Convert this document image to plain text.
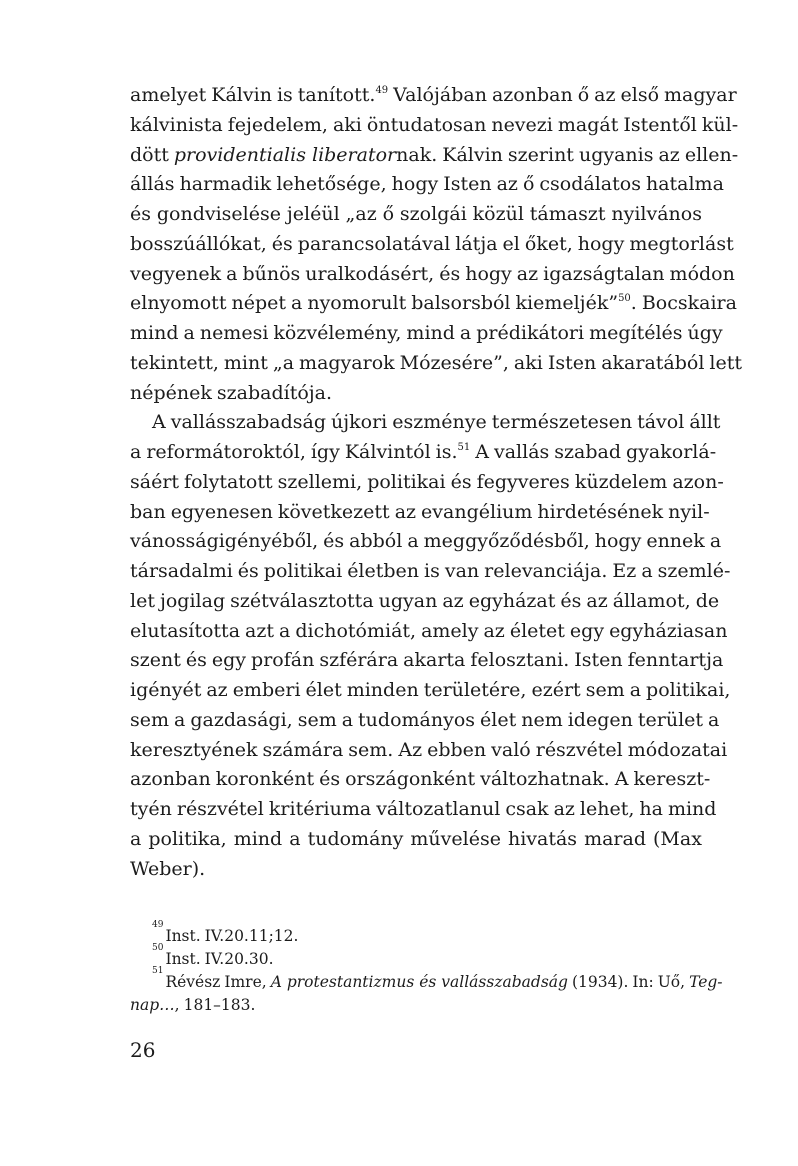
amelyet Kálvin is tanított.$^{49}$ Valójában azonban ő az első magyar
kálvinista fejedelem, aki öntudatosan nevezi magát Istentől kül-
dött providentialis liberatornak. Kálvin szerint ugyanis az ellen-
állás harmadik lehetősége, hogy Isten az ő csodálatos hatalma
és gondviselése jeléül „az ő szolgái közül támaszt nyilvános
bosszúállókat, és parancsolatával látja el őket, hogy megtorlást
vegyenek a bűnös uralkodásért, és hogy az igazságtalan módon
elnyomott népet a nyomorult balsorsból kiemeljék”$^{50}$. Bocskaira
mind a nemesi közvélemény, mind a prédikátori megítélés úgy
tekintett, mint „a magyarok Mózesére”, aki Isten akaratából lett
népének szabadítója.
A vallásszabadság újkori eszménye természetesen távol állt
a reformátoroktól, így Kálvintól is.$^{51}$ A vallás szabad gyakorlá-
sáért folytatott szellemi, politikai és fegyveres küzdelem azon-
ban egyenesen következett az evangélium hirdetésének nyil-
vánosságigényéből, és abból a meggyőződésből, hogy ennek a
társadalmi és politikai életben is van relevanciája. Ez a szemlé-
let jogilag szétválasztotta ugyan az egyházat és az államot, de
elutasította azt a dichotómiát, amely az életet egy egyháziasan
szent és egy profán szférára akarta felosztani. Isten fenntartja
igényét az emberi élet minden területére, ezért sem a politikai,
sem a gazdasági, sem a tudományos élet nem idegen terület a
keresztyének számára sem. Az ebben való részvétel módozatai
azonban koronként és országonként változhatnak. A kereszt-
tyén részvétel kritériuma változatlanul csak az lehet, ha mind
a politika, mind a tudomány művelése hivatás marad (Max
Weber).
49
Inst. IV.20.11;12.
50
Inst. IV.20.30.
51
Révész Imre, A protestantizmus és vallásszabadság (1934). In: Uő, Teg-
nap…, 181–183.
26
